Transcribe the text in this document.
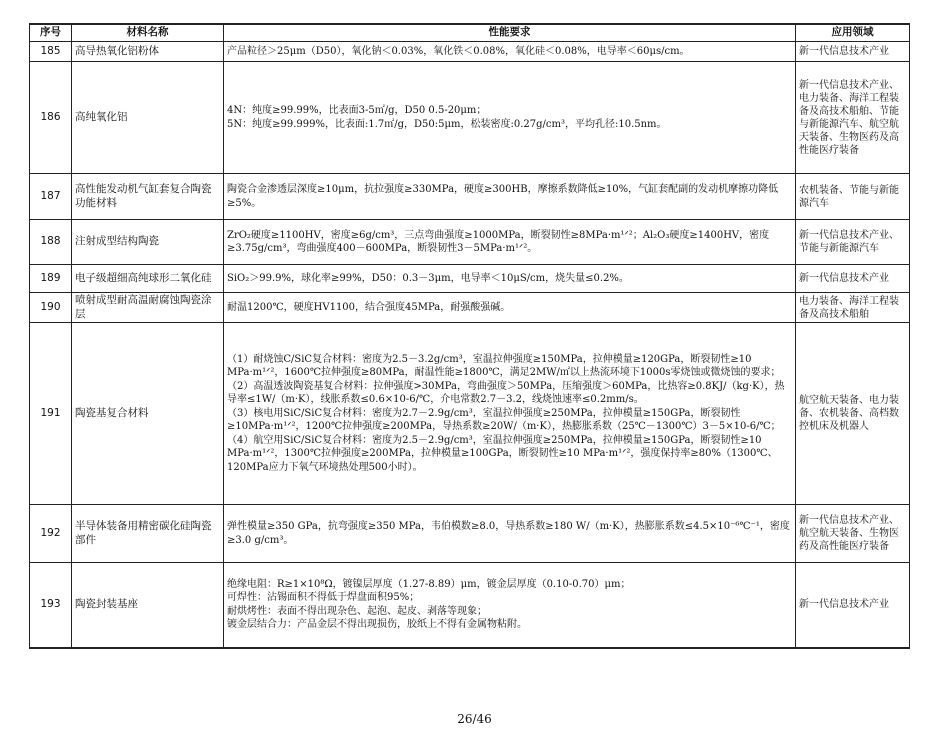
序号	材料名称	性能要求	应用领域
185	高导热氧化铝粉体	产品粒径＞25μm（D50），氧化钠＜0.03%，氧化铁＜0.08%，氧化硅＜0.08%，电导率＜60μs/cm。	新一代信息技术产业
186	高纯氧化铝	4N：纯度≥99.99%，比表面3-5㎡/g，D50 0.5-20μm；
5N：纯度≥99.999%，比表面:1.7㎡/g，D50:5μm，松装密度:0.27g/cm³，平均孔径:10.5nm。	新一代信息技术产业、电力装备、海洋工程装备及高技术船舶、节能与新能源汽车、航空航天装备、生物医药及高性能医疗装备
187	高性能发动机气缸套复合陶瓷功能材料	陶瓷合金渗透层深度≥10μm，抗拉强度≥330MPa，硬度≥300HB，摩擦系数降低≥10%，气缸套配副的发动机摩擦功降低≥5%。	农机装备、节能与新能源汽车
188	注射成型结构陶瓷	ZrO₂硬度≥1100HV，密度≥6g/cm³，三点弯曲强度≥1000MPa，断裂韧性≥8MPa·m¹ᐟ²；Al₂O₃硬度≥1400HV，密度≥3.75g/cm³，弯曲强度400－600MPa，断裂韧性3－5MPa·m¹ᐟ²。	新一代信息技术产业、节能与新能源汽车
189	电子级超细高纯球形二氧化硅	SiO₂＞99.9%，球化率≥99%，D50：0.3－3μm，电导率＜10μS/cm，烧失量≤0.2%。	新一代信息技术产业
190	喷射成型耐高温耐腐蚀陶瓷涂层	耐温1200℃，硬度HV1100，结合强度45MPa，耐强酸强碱。	电力装备、海洋工程装备及高技术船舶
191	陶瓷基复合材料	（1）耐烧蚀C/SiC复合材料：密度为2.5－3.2g/cm³，室温拉伸强度≥150MPa，拉伸模量≥120GPa，断裂韧性≥10 MPa·m¹ᐟ²，1600℃拉伸强度≥80MPa，耐温性能≥1800℃，满足2MW/㎡以上热流环境下1000s零烧蚀或微烧蚀的要求；
（2）高温透波陶瓷基复合材料：拉伸强度>30MPa，弯曲强度＞50MPa，压缩强度＞60MPa，比热容≥0.8KJ/（kg·K），热导率≤1W/（m·K），线胀系数≤0.6×10-6/℃，介电常数2.7－3.2，线烧蚀速率≤0.2mm/s。
（3）核电用SiC/SiC复合材料：密度为2.7－2.9g/cm³，室温拉伸强度≥250MPa，拉伸模量≥150GPa，断裂韧性≥10MPa·m¹ᐟ²，1200℃拉伸强度≥200MPa，导热系数≥20W/（m·K），热膨胀系数（25℃－1300℃）3－5×10-6/℃；
（4）航空用SiC/SiC复合材料：密度为2.5－2.9g/cm³，室温拉伸强度≥250MPa，拉伸模量≥150GPa，断裂韧性≥10 MPa·m¹ᐟ²，1300℃拉伸强度≥200MPa，拉伸模量≥100GPa，断裂韧性≥10 MPa·m¹ᐟ²，强度保持率≥80%（1300℃、120MPa应力下氧气环境热处理500小时）。	航空航天装备、电力装备、农机装备、高档数控机床及机器人
192	半导体装备用精密碳化硅陶瓷部件	弹性模量≥350 GPa，抗弯强度≥350 MPa，韦伯模数≥8.0，导热系数≥180 W/（m·K），热膨胀系数≤4.5×10⁻⁶℃⁻¹，密度≥3.0 g/cm³。	新一代信息技术产业、航空航天装备、生物医药及高性能医疗装备
193	陶瓷封装基座	绝缘电阻：R≥1×10⁸Ω，镀镍层厚度（1.27-8.89）μm，镀金层厚度（0.10-0.70）μm；
可焊性：沾锡面积不得低于焊盘面积95%；
耐烘烤性：表面不得出现杂色、起泡、起皮、剥落等现象；
镀金层结合力：产品金层不得出现损伤，胶纸上不得有金属物粘附。	新一代信息技术产业
26/46
